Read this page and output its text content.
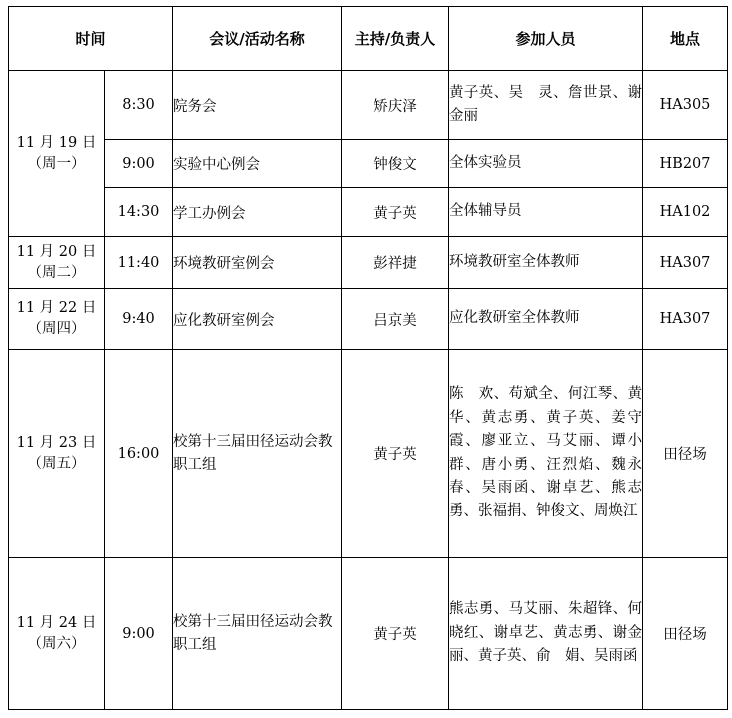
时间		会议/活动名称	主持/负责人	参加人员	地点

11 月 19 日
（周一）	8:30	院务会	矫庆泽	黄子英、吴　灵、詹世景、谢金丽	HA305
	9:00	实验中心例会	钟俊文	全体实验员	HB207
	14:30	学工办例会	黄子英	全体辅导员	HA102

11 月 20 日
（周二）	11:40	环境教研室例会	彭祥捷	环境教研室全体教师	HA307

11 月 22 日
（周四）	9:40	应化教研室例会	吕京美	应化教研室全体教师	HA307

11 月 23 日
（周五）	16:00	校第十三届田径运动会教职工组	黄子英	陈　欢、苟斌全、何江琴、黄　华、黄志勇、黄子英、姜守霞、廖亚立、马艾丽、谭小群、唐小勇、汪烈焰、魏永春、吴雨函、谢卓艺、熊志勇、张福捐、钟俊文、周焕江	田径场

11 月 24 日
（周六）	9:00	校第十三届田径运动会教职工组	黄子英	熊志勇、马艾丽、朱超锋、何晓红、谢卓艺、黄志勇、谢金丽、黄子英、俞　娟、吴雨函	田径场
